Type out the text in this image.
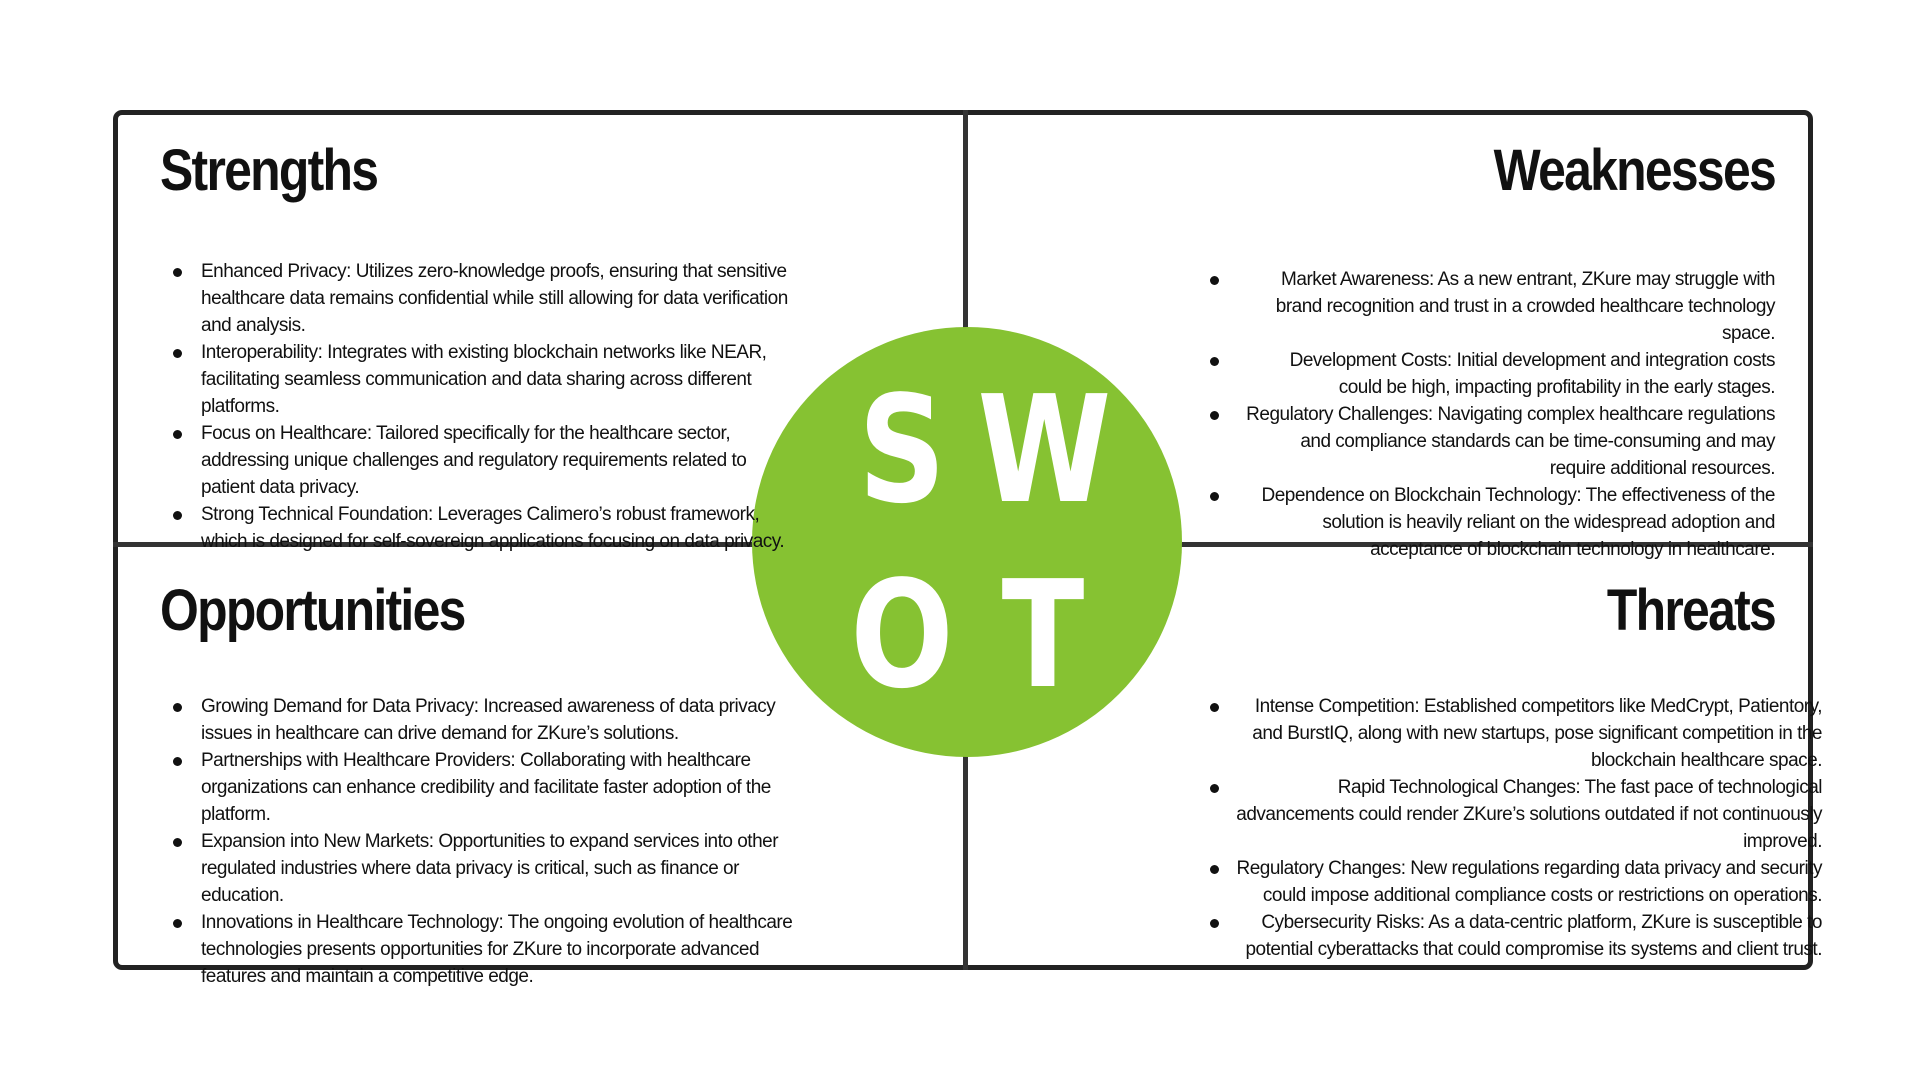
S W
O T
Strengths
Enhanced Privacy: Utilizes zero-knowledge proofs, ensuring that sensitive healthcare data remains confidential while still allowing for data verification and analysis.
Interoperability: Integrates with existing blockchain networks like NEAR, facilitating seamless communication and data sharing across different platforms.
Focus on Healthcare: Tailored specifically for the healthcare sector, addressing unique challenges and regulatory requirements related to patient data privacy.
Strong Technical Foundation: Leverages Calimero’s robust framework, which is designed for self-sovereign applications focusing on data privacy.
Weaknesses
Market Awareness: As a new entrant, ZKure may struggle with brand recognition and trust in a crowded healthcare technology space.
Development Costs: Initial development and integration costs could be high, impacting profitability in the early stages.
Regulatory Challenges: Navigating complex healthcare regulations and compliance standards can be time-consuming and may require additional resources.
Dependence on Blockchain Technology: The effectiveness of the solution is heavily reliant on the widespread adoption and acceptance of blockchain technology in healthcare.
Opportunities
Growing Demand for Data Privacy: Increased awareness of data privacy issues in healthcare can drive demand for ZKure’s solutions.
Partnerships with Healthcare Providers: Collaborating with healthcare organizations can enhance credibility and facilitate faster adoption of the platform.
Expansion into New Markets: Opportunities to expand services into other regulated industries where data privacy is critical, such as finance or education.
Innovations in Healthcare Technology: The ongoing evolution of healthcare technologies presents opportunities for ZKure to incorporate advanced features and maintain a competitive edge.
Threats
Intense Competition: Established competitors like MedCrypt, Patientory, and BurstIQ, along with new startups, pose significant competition in the blockchain healthcare space.
Rapid Technological Changes: The fast pace of technological advancements could render ZKure’s solutions outdated if not continuously improved.
Regulatory Changes: New regulations regarding data privacy and security could impose additional compliance costs or restrictions on operations.
Cybersecurity Risks: As a data-centric platform, ZKure is susceptible to potential cyberattacks that could compromise its systems and client trust.
